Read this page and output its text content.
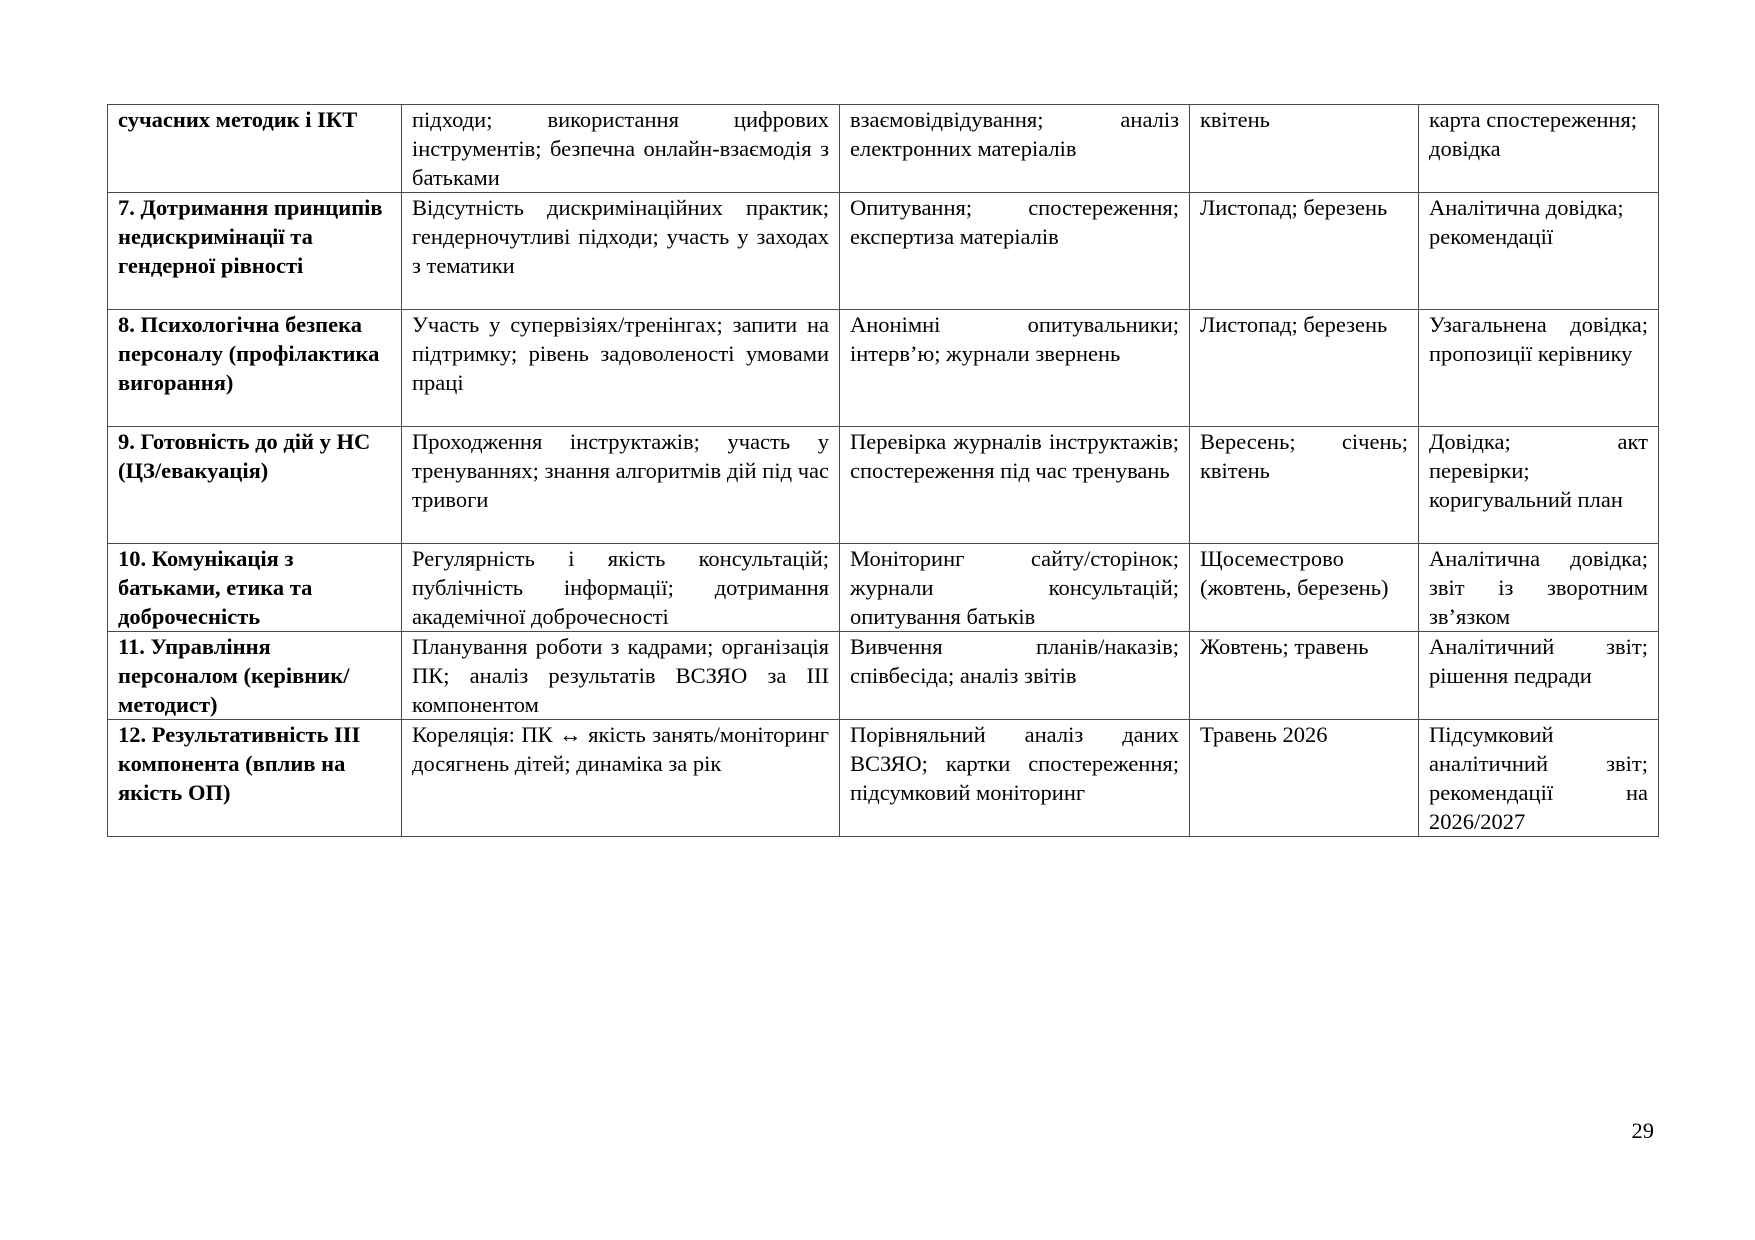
сучасних методик і ІКТ	підходи; використання цифрових інструментів; безпечна онлайн-взаємодія з батьками	взаємовідвідування; аналіз електронних матеріалів	квітень	карта спостереження; довідка
7. Дотримання принципів недискримінації та гендерної рівності	Відсутність дискримінаційних практик; гендерночутливі підходи; участь у заходах з тематики	Опитування; спостереження; експертиза матеріалів	Листопад; березень	Аналітична довідка; рекомендації
8. Психологічна безпека персоналу (профілактика вигорання)	Участь у супервізіях/тренінгах; запити на підтримку; рівень задоволеності умовами праці	Анонімні опитувальники; інтерв’ю; журнали звернень	Листопад; березень	Узагальнена довідка; пропозиції керівнику
9. Готовність до дій у НС (ЦЗ/евакуація)	Проходження інструктажів; участь у тренуваннях; знання алгоритмів дій під час тривоги	Перевірка журналів інструктажів; спостереження під час тренувань	Вересень; січень; квітень	Довідка; акт перевірки; коригувальний план
10. Комунікація з батьками, етика та доброчесність	Регулярність і якість консультацій; публічність інформації; дотримання академічної доброчесності	Моніторинг сайту/сторінок; журнали консультацій; опитування батьків	Щосеместрово (жовтень, березень)	Аналітична довідка; звіт із зворотним зв’язком
11. Управління персоналом (керівник/методист)	Планування роботи з кадрами; організація ПК; аналіз результатів ВСЗЯО за ІІІ компонентом	Вивчення планів/наказів; співбесіда; аналіз звітів	Жовтень; травень	Аналітичний звіт; рішення педради
12. Результативність ІІІ компонента (вплив на якість ОП)	Кореляція: ПК ↔ якість занять/моніторинг досягнень дітей; динаміка за рік	Порівняльний аналіз даних ВСЗЯО; картки спостереження; підсумковий моніторинг	Травень 2026	Підсумковий аналітичний звіт; рекомендації на 2026/2027
29
